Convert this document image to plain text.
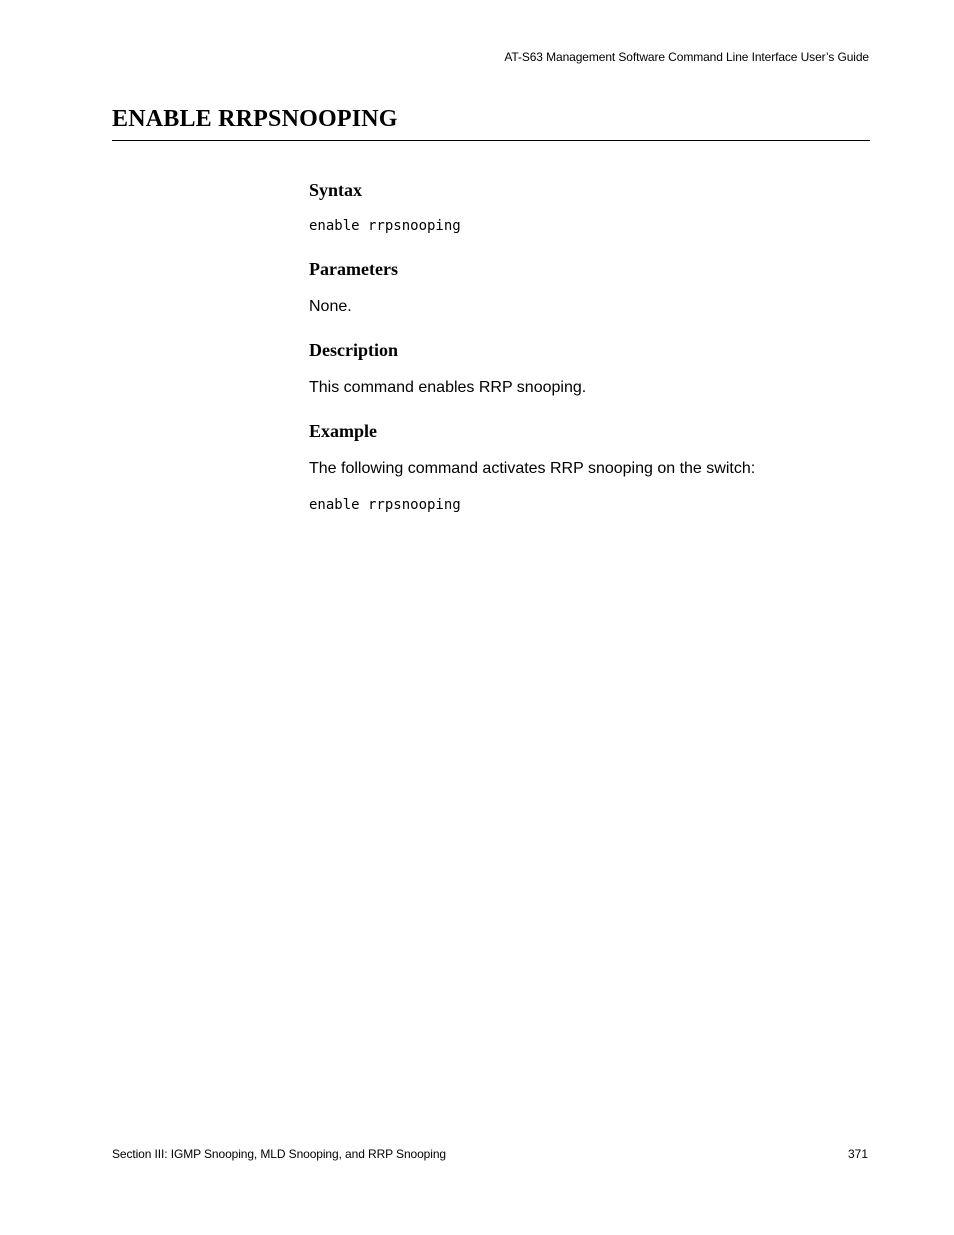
AT-S63 Management Software Command Line Interface User’s Guide
ENABLE RRPSNOOPING
Syntax
enable rrpsnooping
Parameters

None.

Description

This command enables RRP snooping.

Example

The following command activates RRP snooping on the switch:

enable rrpsnooping
Section III: IGMP Snooping, MLD Snooping, and RRP Snooping	371
